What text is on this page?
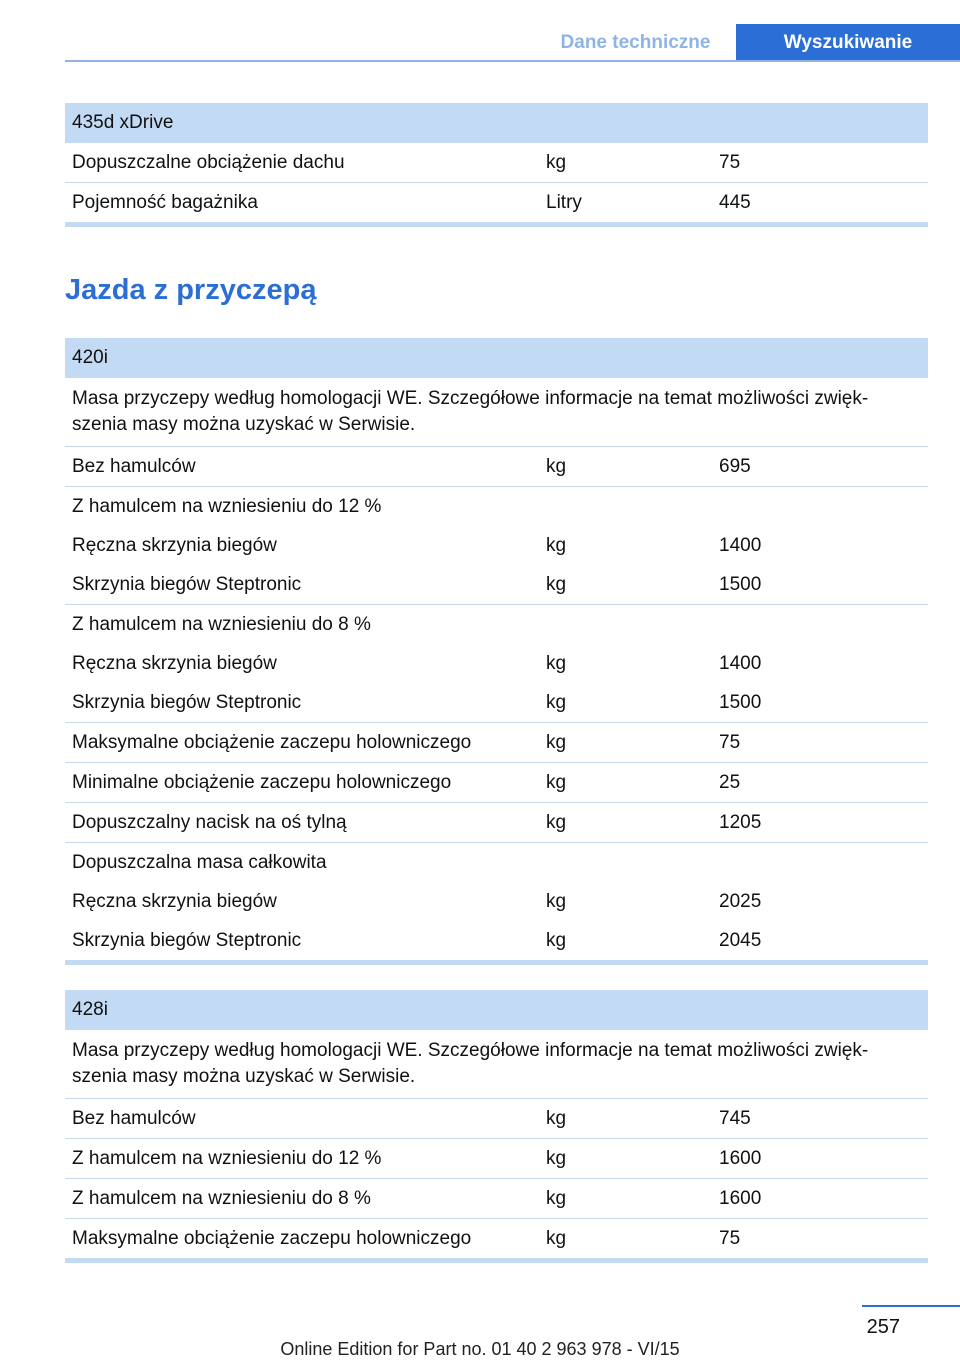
Dane techniczne	Wyszukiwanie
435d xDrive
Dopuszczalne obciążenie dachu	kg	75
Pojemność bagażnika	Litry	445
Jazda z przyczepą
420i
Masa przyczepy według homologacji WE. Szczegółowe informacje na temat możliwości zwiększenia masy można uzyskać w Serwisie.
Bez hamulców	kg	695
Z hamulcem na wzniesieniu do 12 %
Ręczna skrzynia biegów	kg	1400
Skrzynia biegów Steptronic	kg	1500
Z hamulcem na wzniesieniu do 8 %
Ręczna skrzynia biegów	kg	1400
Skrzynia biegów Steptronic	kg	1500
Maksymalne obciążenie zaczepu holowniczego	kg	75
Minimalne obciążenie zaczepu holowniczego	kg	25
Dopuszczalny nacisk na oś tylną	kg	1205
Dopuszczalna masa całkowita
Ręczna skrzynia biegów	kg	2025
Skrzynia biegów Steptronic	kg	2045
428i
Masa przyczepy według homologacji WE. Szczegółowe informacje na temat możliwości zwiększenia masy można uzyskać w Serwisie.
Bez hamulców	kg	745
Z hamulcem na wzniesieniu do 12 %	kg	1600
Z hamulcem na wzniesieniu do 8 %	kg	1600
Maksymalne obciążenie zaczepu holowniczego	kg	75
257
Online Edition for Part no. 01 40 2 963 978 - VI/15
